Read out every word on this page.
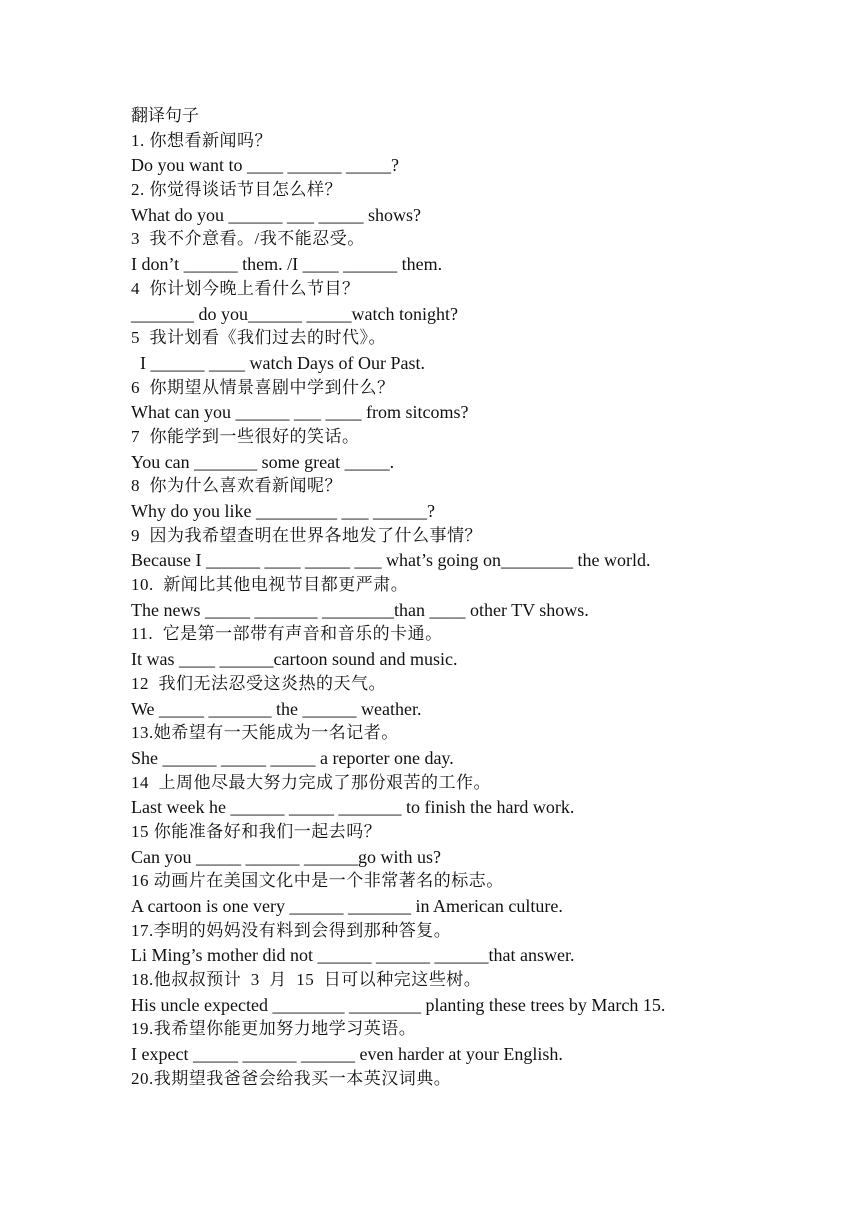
翻译句子
1. 你想看新闻吗？
Do you want to ____ ______ _____?
2. 你觉得谈话节目怎么样？
What do you ______ ___ _____ shows?
3  我不介意看。/我不能忍受。
I don’t ______ them. /I ____ ______ them.
4  你计划今晚上看什么节目？
_______ do you______ _____watch tonight?
5  我计划看《我们过去的时代》。
I ______ ____ watch Days of Our Past.
6  你期望从情景喜剧中学到什么？
What can you ______ ___ ____ from sitcoms?
7  你能学到一些很好的笑话。
You can _______ some great _____.
8  你为什么喜欢看新闻呢？
Why do you like _________ ___ ______?
9  因为我希望查明在世界各地发了什么事情？
Because I ______ ____ _____ ___ what’s going on________ the world.
10.  新闻比其他电视节目都更严肃。
The news _____ _______ ________than ____ other TV shows.
11.  它是第一部带有声音和音乐的卡通。
It was ____ ______cartoon sound and music.
12  我们无法忍受这炎热的天气。
We _____ _______ the ______ weather.
13.她希望有一天能成为一名记者。
She ______ _____ _____ a reporter one day.
14  上周他尽最大努力完成了那份艰苦的工作。
Last week he ______ _____ _______ to finish the hard work.
15 你能准备好和我们一起去吗？
Can you _____ ______ ______go with us?
16 动画片在美国文化中是一个非常著名的标志。
A cartoon is one very ______ _______ in American culture.
17.李明的妈妈没有料到会得到那种答复。
Li Ming’s mother did not ______ ______ ______that answer.
18.他叔叔预计  3  月  15  日可以种完这些树。
His uncle expected ________ ________ planting these trees by March 15.
19.我希望你能更加努力地学习英语。
I expect _____ ______ ______ even harder at your English.
20.我期望我爸爸会给我买一本英汉词典。
